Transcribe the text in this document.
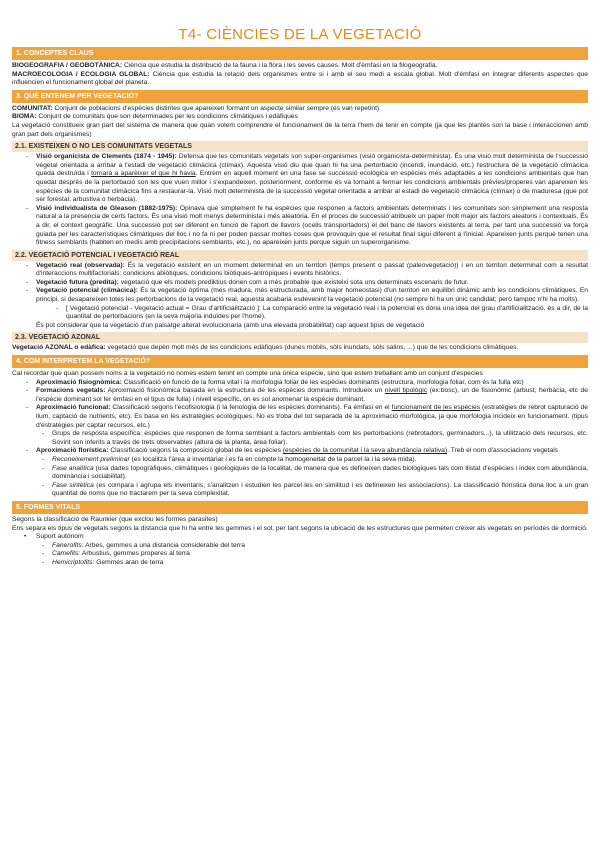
T4- CIÈNCIES DE LA VEGETACIÓ
1. CONCEPTES CLAUS

BIOGEOGRAFIA / GEOBOTÀNICA: Ciència que estudia la distribució de la fauna i la flora i les seves causes. Molt d'èmfasi en la filogeografia.

MACROECOLOGIA / ECOLOGIA GLOBAL: Ciència que estudia la relació dels organismes entre si i amb el seu medi a escala global. Molt d'èmfasi en integrar diferents aspectes que influencien el funcionament global del planeta.

3. QUÈ ENTENEM PER VEGETACIÓ?

COMUNITAT: Conjunt de poblacions d'espècies distintes que apareixen formant un aspecte similar sempre (és van repetint)

BIOMA: Conjunt de comunitats que son determinades per les condicions climàtiques i edàfiques

La vegetació constitueix gran part del sistema de manera que quan volem comprendre el funcionament de la terra l'hem de tenir en compte (ja que les plantes son la base i interaccionen amb gran part dels organismes)

2.1. EXISTEIXEN O NO LES COMUNITATS VEGETALS
- Visió organicista de Clements (1874 - 1945): Defensa que les comunitats vegetals son super-organismes (visió organicista-determinista). És una visió molt determinista de l'successió vegetal orientada a arribar a l'estadi de vegetació climàcica (clímax). Aquesta visió diu que quan hi ha una pertorbació (incendi, inundació, etc.) l'estructura de la vegetació climàcica queda destruïda i tornarà a aparèixer el que hi havia. Entrem en aquell moment en una fase se successió ecològica en espècies més adaptades a les condicions ambientals que han quedat després de la pertorbació son les que vuen millor i s'expandeixen. posteriorment, conforme és va tornant a fermar les condicions ambientals prèvies/properes van apareixen les espècies de la comunitat climàcica fins a restaurar-la. Visió molt determinista de la successió vegetal orientada a arribar al estadi de vegetació climàcica (clímax) o de maduresa (que pot ser forestal, arbustiva o herbàcia).
- Visió individualista de Gleason (1882-1975): Opinava que simplement hi ha espècies que responen a factors ambientals determinats i les comunitats son simplement una resposta natural a la presencia de certs factors. És una visió molt menys determinista i més aleatòria. En el proces de successió atribueix un paper molt major als factors aleatoris i contextuals. És a dir, el context geogràfic. Una successió pot ser diferent en funció de l'aport de llavors (ocells transportadors) el del banc de llavors existents al terra, per tant una successió va força guiada per les característiques climàtiques del lloc i no fa ni per poden passar moltes coses que provoquin que el resultat final sigui diferent a l'inicial. Apareixen junts perquè tenen una fitness semblants (habiten en medis amb precipitacions semblants, etc.), no apareixen junts perque siguin un superorganisme.
2.2. VEGETACIÓ POTENCIAL I VEGETACIÓ REAL
- Vegetació real (observada): És la vegetació existent en un moment determinat en un territori (temps present o passat (paleovegetació)) i en un territori determinat com a resultat d'interaccions multifactorials: condicions abiòtiques, condicions biòtiques-antròpiques i events històrics.
- Vegetació futura (predita): vegetació que els models prediktius donen com a més probable que existeixi sota uns determinats escenaris de futur.
- Vegetació potencial (climàcica): És la vegetació òptima (més madura, més estructurada, amb major homeostasi) d'un territori en equilibri dinàmic amb les condicions climàtiques. En principi, si desapareixen totes les pertorbacions de la vegetació real, aquesta acabaria esdevenint la vegetació potencial (no sempre hi ha un únic candidat; però tampoc n'hi ha molts).
- [ Vegetació potencial - Vegetació actual = Grau d'artificialització ]: La comparació entre la vegetació real i la potencial es dóna una idea del grau d'artificialització, és a dir, de la quantitat de pertorbacions (en la seva majoria induïdes per l'home).

És pot considerar que la vegetació d'un paisatge alterat evolucionaria (amb una elevada probabilitat) cap aquest tipus de vegetació

2.3. VEGETACIÓ AZONAL

Vegetació AZONAL o edàfica: vegetació que depèn molt més de les condicions edàfiques (dunes mòbils, sòls inundats, sòls salins, ...) que de les condicions climàtiques.

4. COM INTERPRETEM LA VEGETACIÓ?

Cal recordar que quan possem noms a la vegetació no nomes estem tenint en compte una única especie, sino que estem treballant amb un conjunt d'especies

- Aproximació fisiognòmica: Classificació en funció de la forma vital i la morfologia foliar de les espècies dominants (estructura, morfologia foliar, com és la fulla etc)
- Formacions vegetals: Aproximació fisionòmica basada en la estructura de les espècies dominants. Introdueix un nivell tipològic (ex:bosc), un de fisionòmic (arbust, herbàcia, etc de l'espècie dominant sol fer èmfasi en el tipus de fulla) i nivell específic, on es sol anomenar la espècie dominant.
- Aproximació funcional: Classificació segons l'ecofisiologia (i la fenologia de les espècies dominants). Fa èmfasi en el funcionament de les espècies (estratègies de rebrot capturació de llum, captació de nutrients, etc). Es basa en les estratègies ecològiques. No es troba del tot separada de la aproximació morfològica, ja que morfologia incideix en funcionament. (tipus d'estratègies per captar recursos, etc.)
- Grups de resposta específica: espècies que responen de forma semblant a factors ambientals com les pertorbacions (rebrotadors, germinadors...), la utilització dels recursos, etc. Sovint son inferits a través de trets observables (altura de la planta, àrea foliar).
- Aproximació florística: Classificació segons la composició global de les espècies (espècies de la comunitat i la seva abundància relativa). Treb el nom d'associacions vegetals
- Reconeixement preliminar (es localitza l'àrea a inventariar i es fa en compte la homogeneitat de la parcel·la i la seva mida).
- Fase analítica (usa dades topogràfiques, climàtiques i geològiques de la localitat, de manera que es defineixen dades biològiques tals com llistat d'espècies i index com abundància, dominància i sociabilitat).
- Fase sintètica (es compara i agrupa els inventaris, s'analitzen i estudien les parcel·les en similitud i es defineixen les associacions). La classificació florística dona lloc a un gran quantitat de noms que no tractarem per la seva complexitat.
5. FORMES VITALS

Segons la classificació de Raunkier (que exclou les formes parasites)

Ens separa els tipus de vegetals segons la distancia que hi ha entre les gemmes i el sol, per tant segons la ubicació de les estructures que permeten créixer als vegetals en períodes de dormició.

• Suport autònom
- Fanerofits: Arbes, gemmes a una distancia considerable del terra
- Camefits: Arbustius, gemmes properes al terra
- Hemicriptofits: Gemmes aran de terra
